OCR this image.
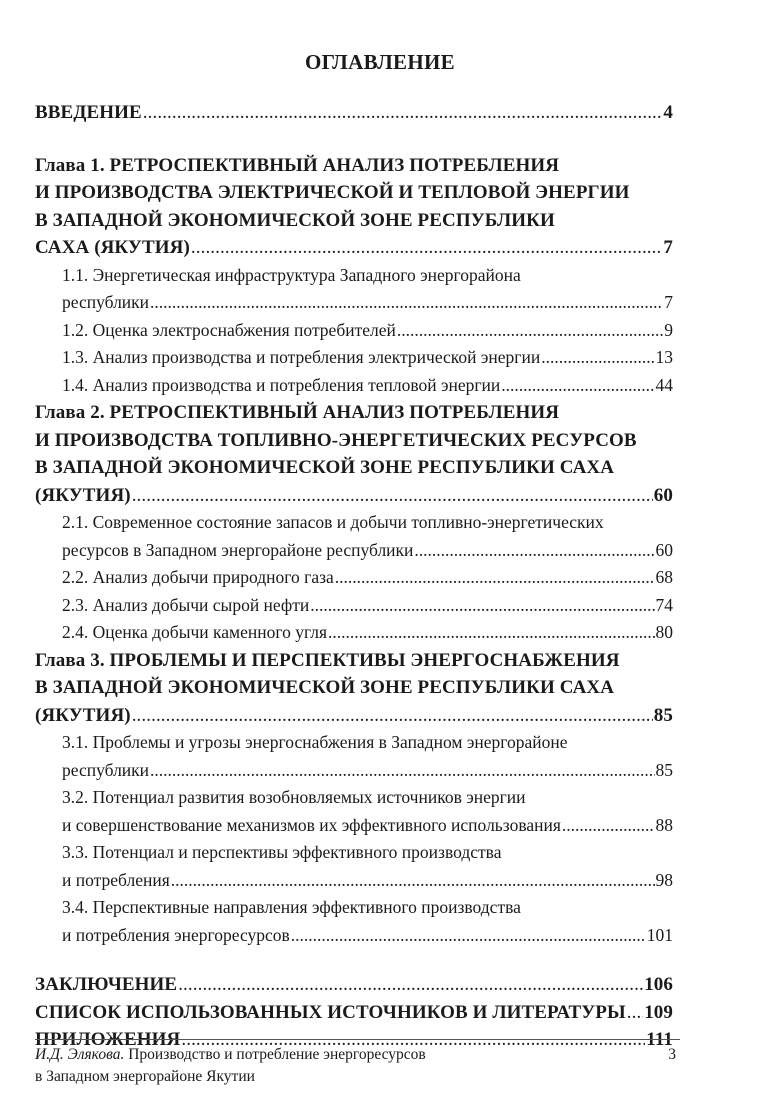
ОГЛАВЛЕНИЕ
ВВЕДЕНИЕ .....	4
Глава 1. РЕТРОСПЕКТИВНЫЙ АНАЛИЗ ПОТРЕБЛЕНИЯ
И ПРОИЗВОДСТВА ЭЛЕКТРИЧЕСКОЙ И ТЕПЛОВОЙ ЭНЕРГИИ
В ЗАПАДНОЙ ЭКОНОМИЧЕСКОЙ ЗОНЕ РЕСПУБЛИКИ
САХА (ЯКУТИЯ) .....	7
1.1. Энергетическая инфраструктура Западного энергорайона
республики .....	7
1.2. Оценка электроснабжения потребителей .....	9
1.3. Анализ производства и потребления электрической энергии .....	13
1.4. Анализ производства и потребления тепловой энергии .....	44
Глава 2. РЕТРОСПЕКТИВНЫЙ АНАЛИЗ ПОТРЕБЛЕНИЯ
И ПРОИЗВОДСТВА ТОПЛИВНО-ЭНЕРГЕТИЧЕСКИХ РЕСУРСОВ
В ЗАПАДНОЙ ЭКОНОМИЧЕСКОЙ ЗОНЕ РЕСПУБЛИКИ САХА
(ЯКУТИЯ) .....	60
2.1. Современное состояние запасов и добычи топливно-энергетических
ресурсов в Западном энергорайоне республики .....	60
2.2. Анализ добычи природного газа .....	68
2.3. Анализ добычи сырой нефти .....	74
2.4. Оценка добычи каменного угля .....	80
Глава 3. ПРОБЛЕМЫ И ПЕРСПЕКТИВЫ ЭНЕРГОСНАБЖЕНИЯ
В ЗАПАДНОЙ ЭКОНОМИЧЕСКОЙ ЗОНЕ РЕСПУБЛИКИ САХА
(ЯКУТИЯ) .....	85
3.1. Проблемы и угрозы энергоснабжения в Западном энергорайоне
республики .....	85
3.2. Потенциал развития возобновляемых источников энергии
и совершенствование механизмов их эффективного использования .....	88
3.3. Потенциал и перспективы эффективного производства
и потребления .....	98
3.4. Перспективные направления эффективного производства
и потребления энергоресурсов .....	101
ЗАКЛЮЧЕНИЕ .....	106
СПИСОК ИСПОЛЬЗОВАННЫХ ИСТОЧНИКОВ И ЛИТЕРАТУРЫ ..... 109
ПРИЛОЖЕНИЯ .....	111
И.Д. Элякова. Производство и потребление энергоресурсов
в Западном энергорайоне Якутии
3
